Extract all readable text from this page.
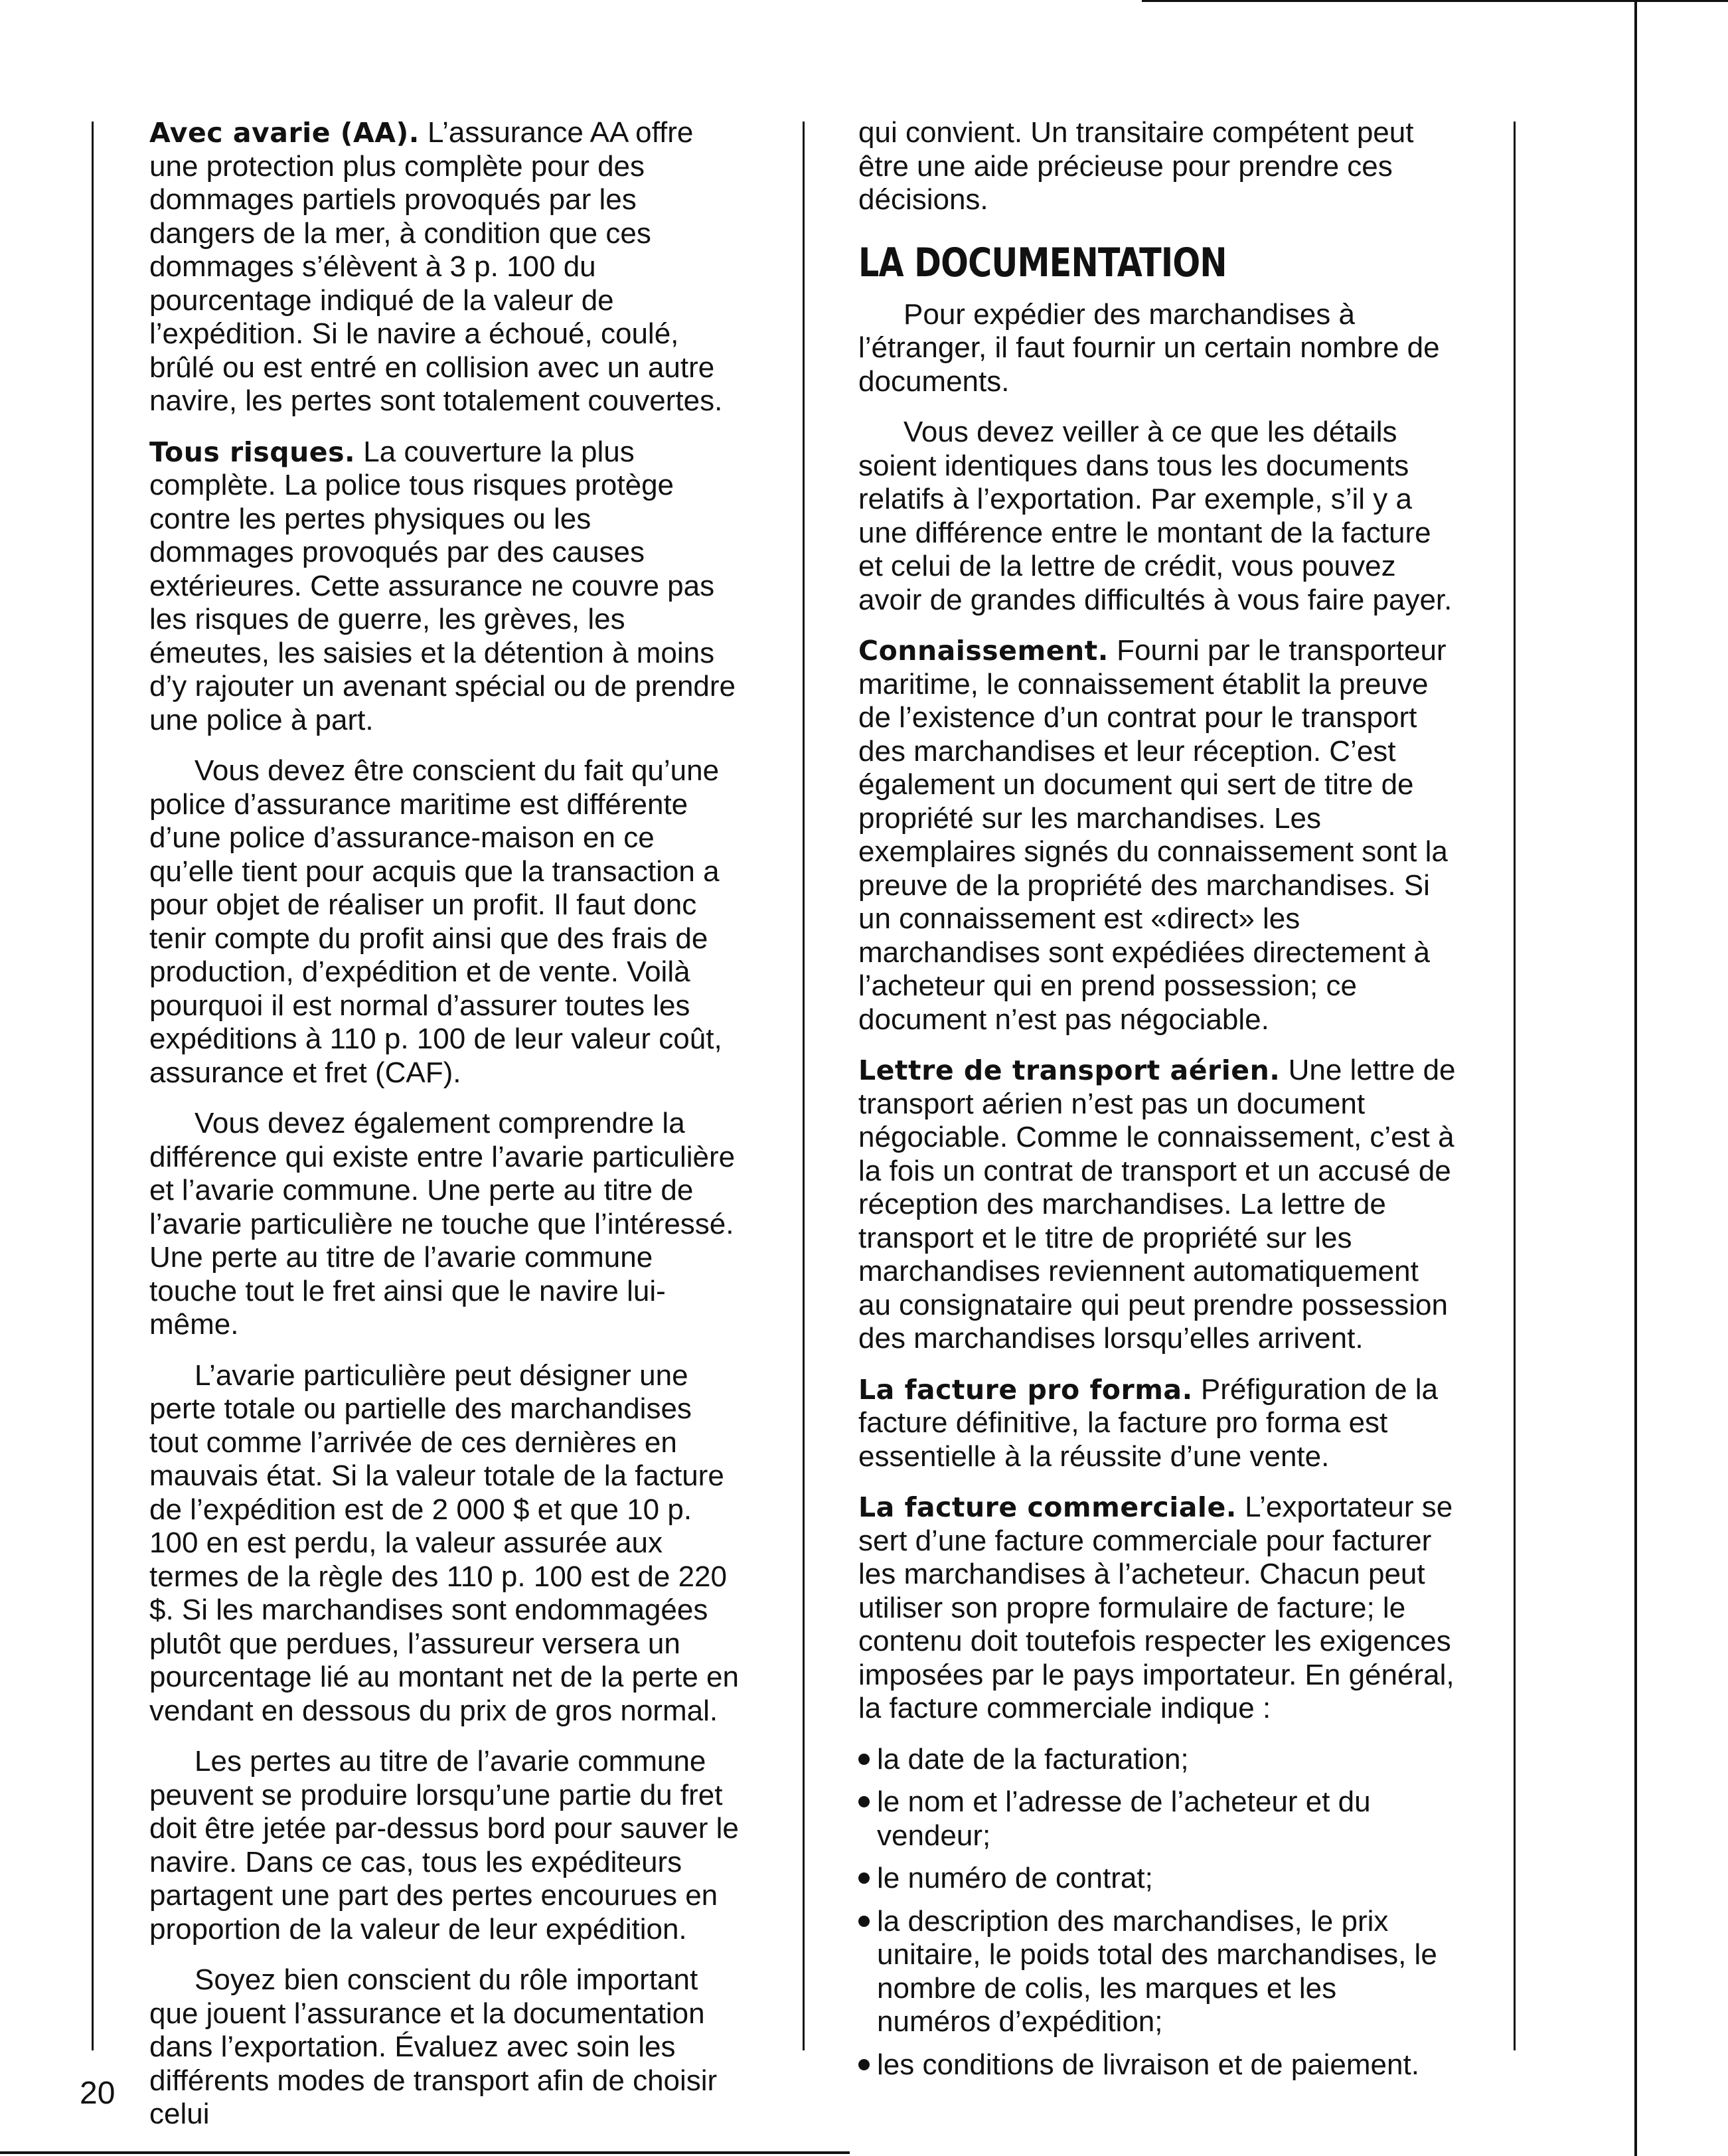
Avec avarie (AA). L’assurance AA offre une protection plus complète pour des dommages partiels provoqués par les dangers de la mer, à condition que ces dommages s’élèvent à 3 p. 100 du pourcentage indiqué de la valeur de l’expédition. Si le navire a échoué, coulé, brûlé ou est entré en collision avec un autre navire, les pertes sont totalement couvertes.

Tous risques. La couverture la plus complète. La police tous risques protège contre les pertes physiques ou les dommages provoqués par des causes extérieures. Cette assurance ne couvre pas les risques de guerre, les grèves, les émeutes, les saisies et la détention à moins d’y rajouter un avenant spécial ou de prendre une police à part.

Vous devez être conscient du fait qu’une police d’assurance maritime est différente d’une police d’assurance-maison en ce qu’elle tient pour acquis que la transaction a pour objet de réaliser un profit. Il faut donc tenir compte du profit ainsi que des frais de production, d’expédition et de vente. Voilà pourquoi il est normal d’assurer toutes les expéditions à 110 p. 100 de leur valeur coût, assurance et fret (CAF).

Vous devez également comprendre la différence qui existe entre l’avarie particulière et l’avarie commune. Une perte au titre de l’avarie particulière ne touche que l’intéressé. Une perte au titre de l’avarie commune touche tout le fret ainsi que le navire lui-même.

L’avarie particulière peut désigner une perte totale ou partielle des marchandises tout comme l’arrivée de ces dernières en mauvais état. Si la valeur totale de la facture de l’expédition est de 2 000 $ et que 10 p. 100 en est perdu, la valeur assurée aux termes de la règle des 110 p. 100 est de 220 $. Si les marchandises sont endommagées plutôt que perdues, l’assureur versera un pourcentage lié au montant net de la perte en vendant en dessous du prix de gros normal.

Les pertes au titre de l’avarie commune peuvent se produire lorsqu’une partie du fret doit être jetée par-dessus bord pour sauver le navire. Dans ce cas, tous les expéditeurs partagent une part des pertes encourues en proportion de la valeur de leur expédition.

Soyez bien conscient du rôle important que jouent l’assurance et la documentation dans l’exportation. Évaluez avec soin les différents modes de transport afin de choisir celui

qui convient. Un transitaire compétent peut être une aide précieuse pour prendre ces décisions.

LA DOCUMENTATION

Pour expédier des marchandises à l’étranger, il faut fournir un certain nombre de documents.

Vous devez veiller à ce que les détails soient identiques dans tous les documents relatifs à l’exportation. Par exemple, s’il y a une différence entre le montant de la facture et celui de la lettre de crédit, vous pouvez avoir de grandes difficultés à vous faire payer.

Connaissement. Fourni par le transporteur maritime, le connaissement établit la preuve de l’existence d’un contrat pour le transport des marchandises et leur réception. C’est également un document qui sert de titre de propriété sur les marchandises. Les exemplaires signés du connaissement sont la preuve de la propriété des marchandises. Si un connaissement est «direct» les marchandises sont expédiées directement à l’acheteur qui en prend possession; ce document n’est pas négociable.

Lettre de transport aérien. Une lettre de transport aérien n’est pas un document négociable. Comme le connaissement, c’est à la fois un contrat de transport et un accusé de réception des marchandises. La lettre de transport et le titre de propriété sur les marchandises reviennent automatiquement au consignataire qui peut prendre possession des marchandises lorsqu’elles arrivent.

La facture pro forma. Préfiguration de la facture définitive, la facture pro forma est essentielle à la réussite d’une vente.

La facture commerciale. L’exportateur se sert d’une facture commerciale pour facturer les marchandises à l’acheteur. Chacun peut utiliser son propre formulaire de facture; le contenu doit toutefois respecter les exigences imposées par le pays importateur. En général, la facture commerciale indique :

la date de la facturation;
le nom et l’adresse de l’acheteur et du vendeur;
le numéro de contrat;
la description des marchandises, le prix unitaire, le poids total des marchandises, le nombre de colis, les marques et les numéros d’expédition;
les conditions de livraison et de paiement.
20
